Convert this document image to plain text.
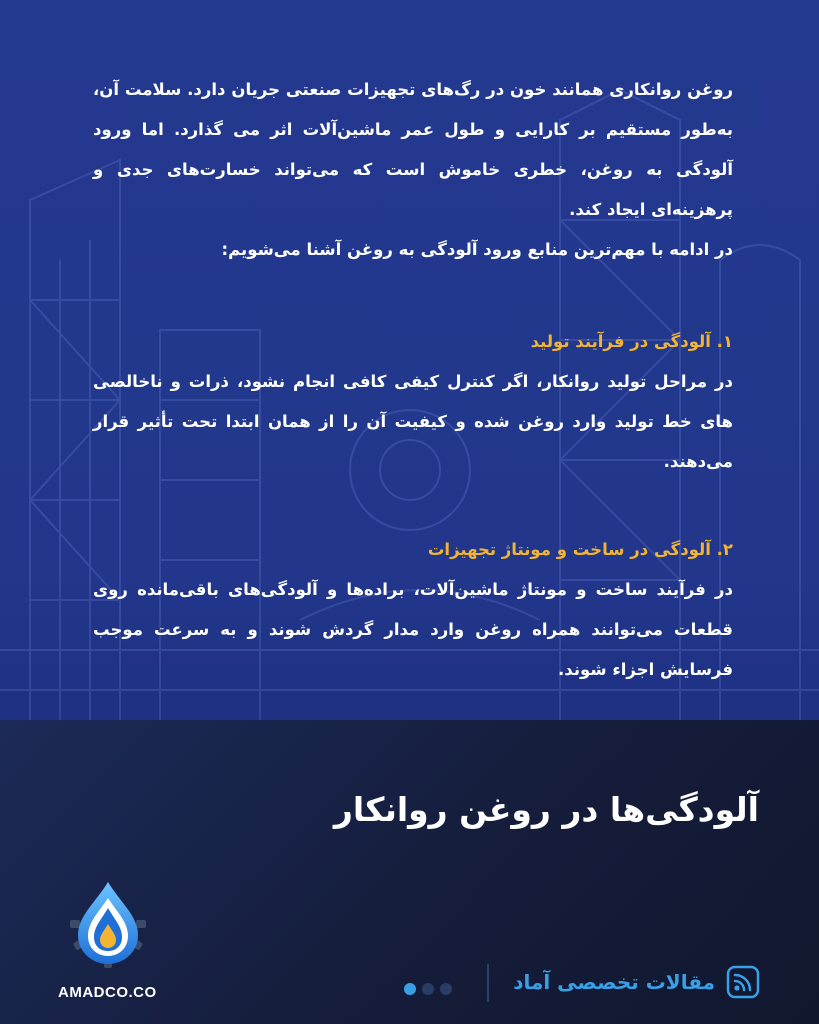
روغن روانکاری همانند خون در رگ‌های تجهیزات صنعتی جریان دارد. سلامت آن، به‌طور مستقیم بر کارایی و طول عمر ماشین‌آلات اثر می گذارد. اما ورود آلودگی به روغن، خطری خاموش است که می‌تواند خسارت‌های جدی و پرهزینه‌ای ایجاد کند.

در ادامه با مهم‌ترین منابع ورود آلودگی به روغن آشنا می‌شویم:

۱. آلودگی در فرآیند تولید

در مراحل تولید روانکار، اگر کنترل کیفی کافی انجام نشود، ذرات و ناخالصی های خط تولید وارد روغن شده و کیفیت آن را از همان ابتدا تحت تأثیر قرار می‌دهند.

۲. آلودگی در ساخت و مونتاژ تجهیزات

در فرآیند ساخت و مونتاژ ماشین‌آلات، براده‌ها و آلودگی‌های باقی‌مانده روی قطعات می‌توانند همراه روغن وارد مدار گردش شوند و به سرعت موجب فرسایش اجزاء شوند.

آلودگی‌ها در روغن روانکار
AMADCO.CO	مقالات تخصصی آماد
